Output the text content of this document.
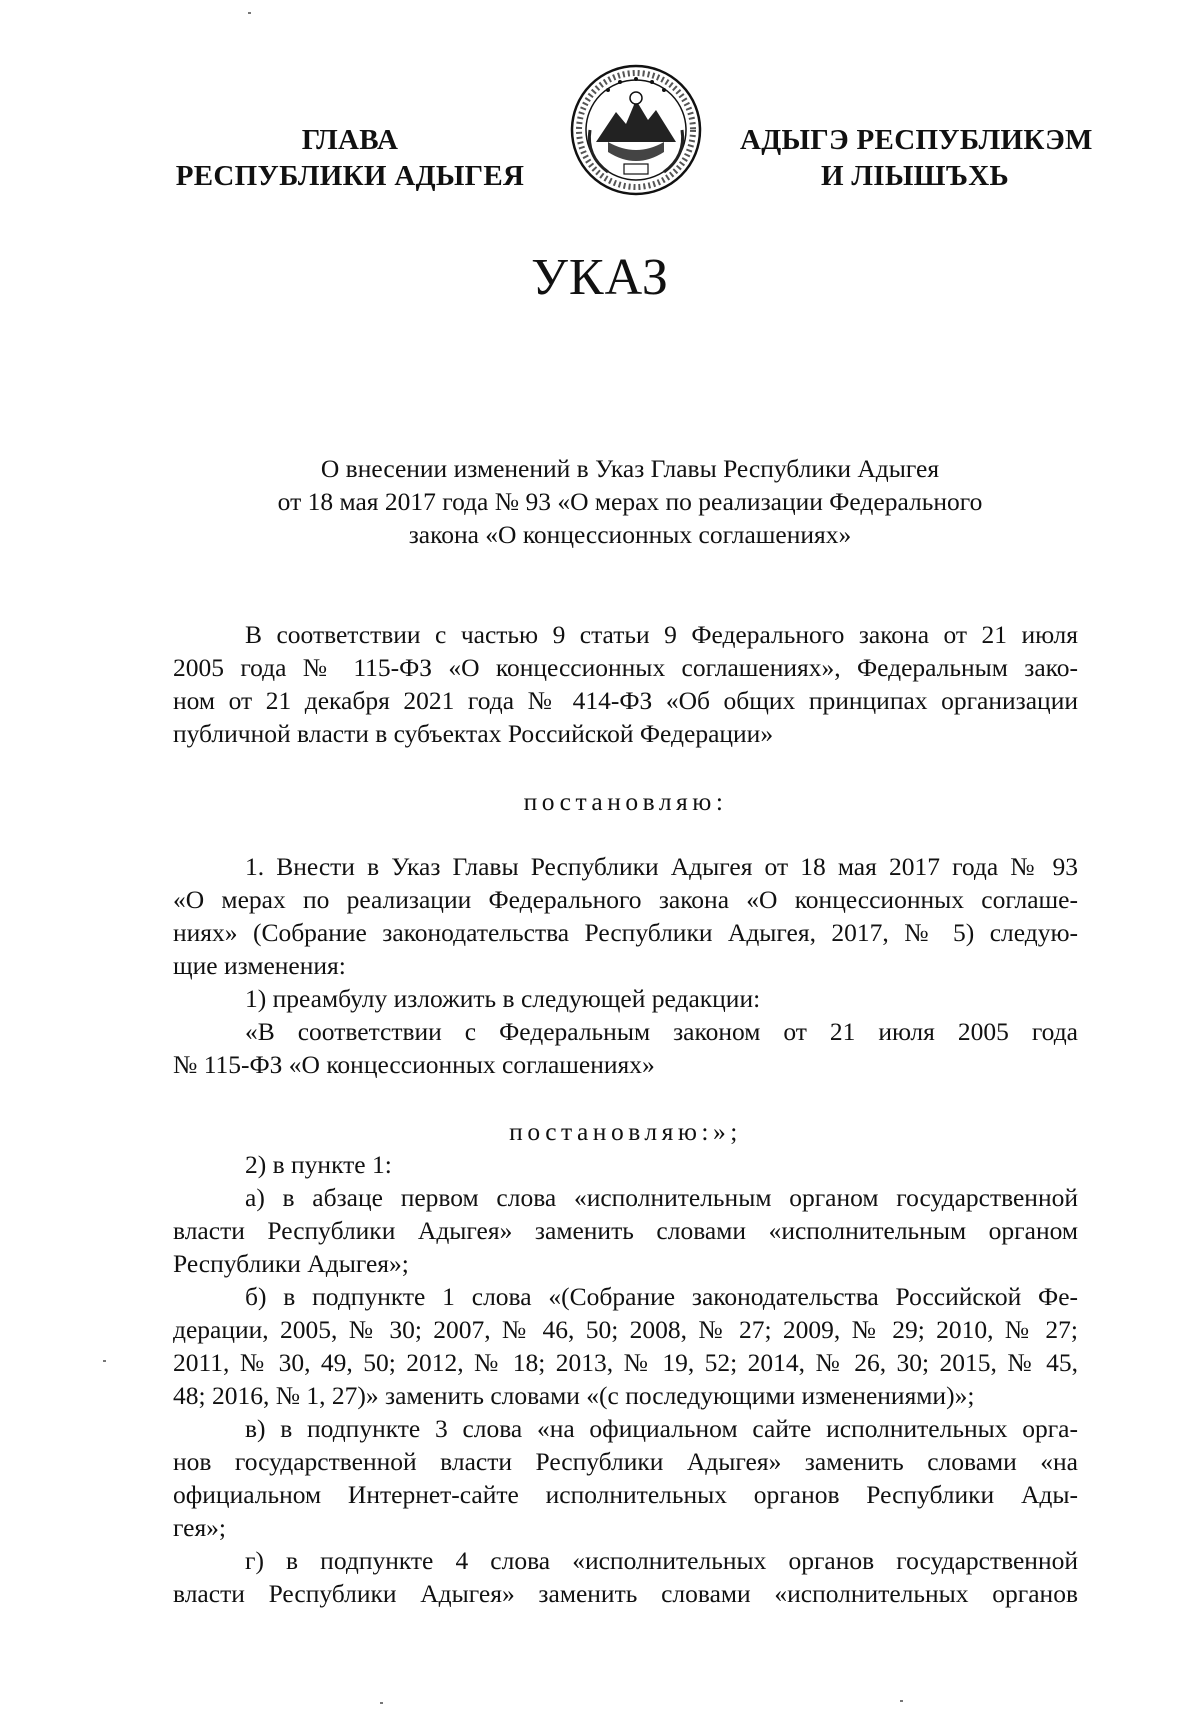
ГЛАВА
РЕСПУБЛИКИ АДЫГЕЯ
АДЫГЭ РЕСПУБЛИКЭМ
И ЛІЫШЪХЬ
УКАЗ
О внесении изменений в Указ Главы Республики Адыгея
от 18 мая 2017 года № 93 «О мерах по реализации Федерального
закона «О концессионных соглашениях»
В соответствии с частью 9 статьи 9 Федерального закона от 21 июля
2005 года № 115-ФЗ «О концессионных соглашениях», Федеральным зако-
ном от 21 декабря 2021 года № 414-ФЗ «Об общих принципах организации
публичной власти в субъектах Российской Федерации»
постановляю:
1. Внести в Указ Главы Республики Адыгея от 18 мая 2017 года № 93
«О мерах по реализации Федерального закона «О концессионных соглаше-
ниях» (Собрание законодательства Республики Адыгея, 2017, № 5) следую-
щие изменения:
1) преамбулу изложить в следующей редакции:
«В соответствии с Федеральным законом от 21 июля 2005 года
№ 115-ФЗ «О концессионных соглашениях»
постановляю:»;
2) в пункте 1:
а) в абзаце первом слова «исполнительным органом государственной
власти Республики Адыгея» заменить словами «исполнительным органом
Республики Адыгея»;
б) в подпункте 1 слова «(Собрание законодательства Российской Фе-
дерации, 2005, № 30; 2007, № 46, 50; 2008, № 27; 2009, № 29; 2010, № 27;
2011, № 30, 49, 50; 2012, № 18; 2013, № 19, 52; 2014, № 26, 30; 2015, № 45,
48; 2016, № 1, 27)» заменить словами «(с последующими изменениями)»;
в) в подпункте 3 слова «на официальном сайте исполнительных орга-
нов государственной власти Республики Адыгея» заменить словами «на
официальном Интернет-сайте исполнительных органов Республики Ады-
гея»;
г) в подпункте 4 слова «исполнительных органов государственной
власти Республики Адыгея» заменить словами «исполнительных органов
